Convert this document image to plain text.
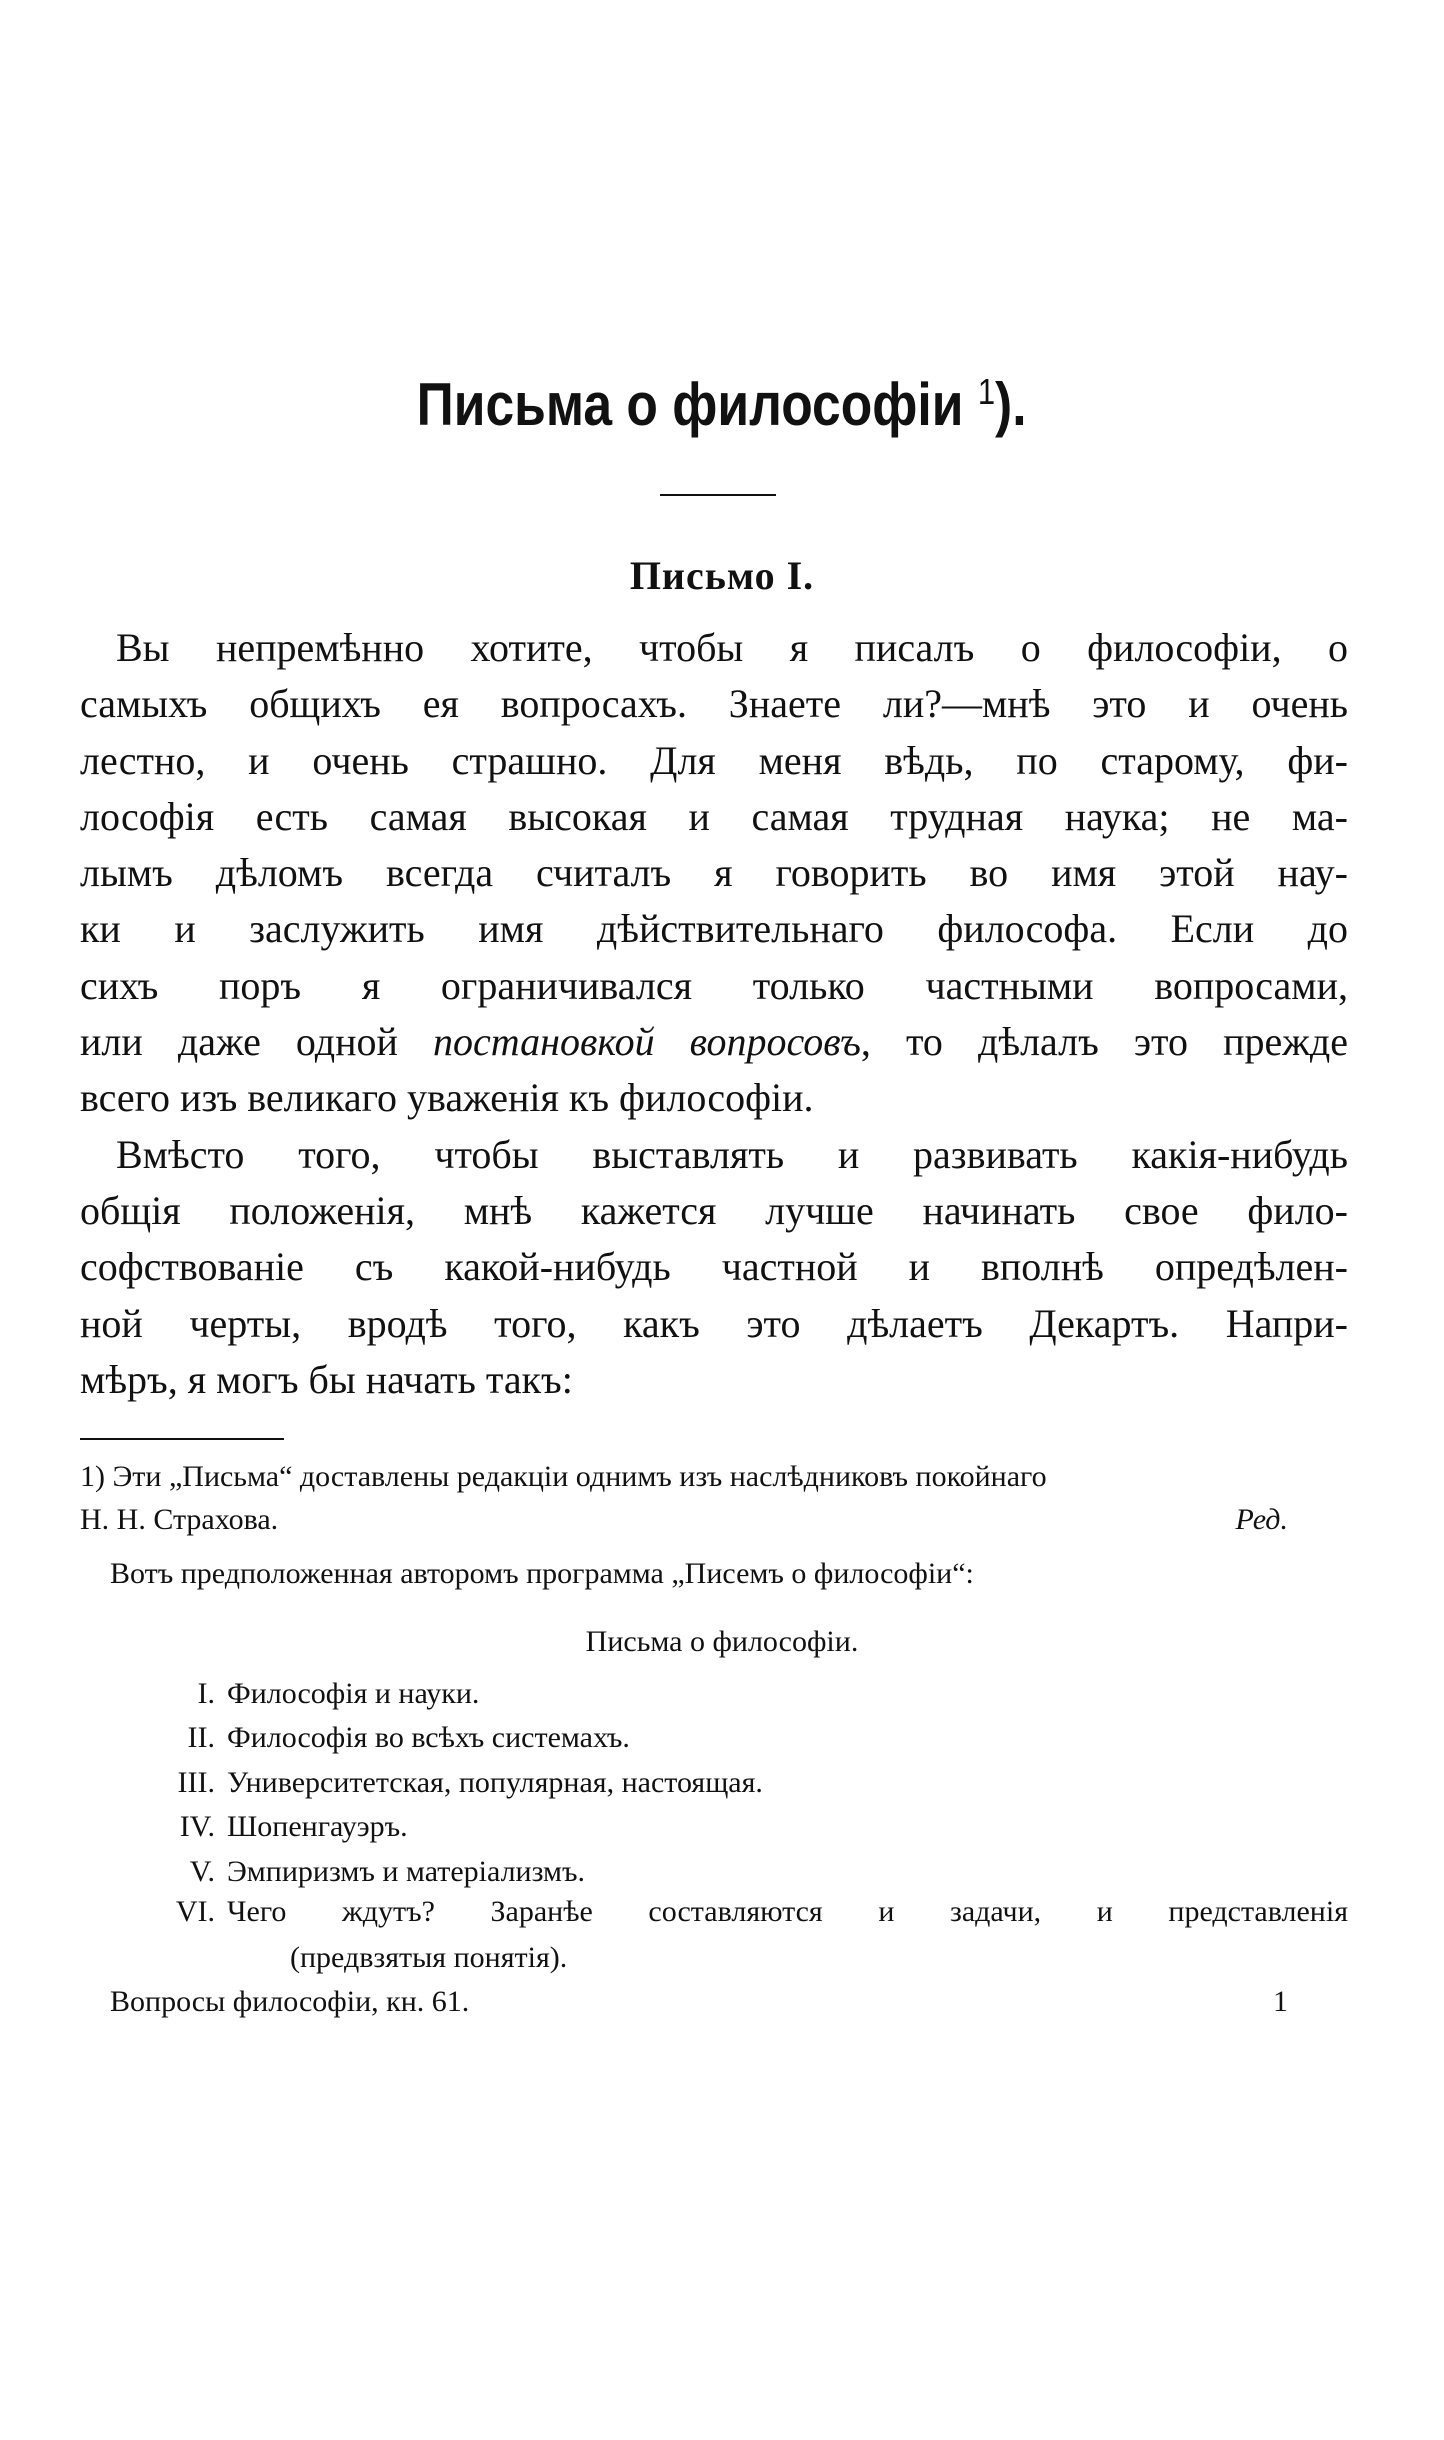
Письма о философіи $^1$).
Письмо I.
Вы непремѣнно хотите, чтобы я писалъ о философіи, о
самыхъ общихъ ея вопросахъ. Знаете ли?—мнѣ это и очень
лестно, и очень страшно. Для меня вѣдь, по старому, фи-
лософія есть самая высокая и самая трудная наука; не ма-
лымъ дѣломъ всегда считалъ я говорить во имя этой нау-
ки и заслужить имя дѣйствительнаго философа. Если до
сихъ поръ я ограничивался только частными вопросами,
или даже одной постановкой вопросовъ, то дѣлалъ это прежде
всего изъ великаго уваженія къ философіи.
Вмѣсто того, чтобы выставлять и развивать какія-нибудь
общія положенія, мнѣ кажется лучше начинать свое фило-
софствованіе съ какой-нибудь частной и вполнѣ опредѣлен-
ной черты, вродѣ того, какъ это дѣлаетъ Декартъ. Напри-
мѣръ, я могъ бы начать такъ:
1) Эти „Письма“ доставлены редакціи однимъ изъ наслѣдниковъ покойнаго
Н. Н. Страхова.	Ред.
Вотъ предположенная авторомъ программа „Писемъ о философіи“:
Письма о философіи.
I. Философія и науки.
II. Философія во всѣхъ системахъ.
III. Университетская, популярная, настоящая.
IV. Шопенгауэръ.
V. Эмпиризмъ и матеріализмъ.
VI. Чего ждутъ? Заранѣе составляются и задачи, и представленія
(предвзятыя понятія).
Вопросы философіи, кн. 61.	1
